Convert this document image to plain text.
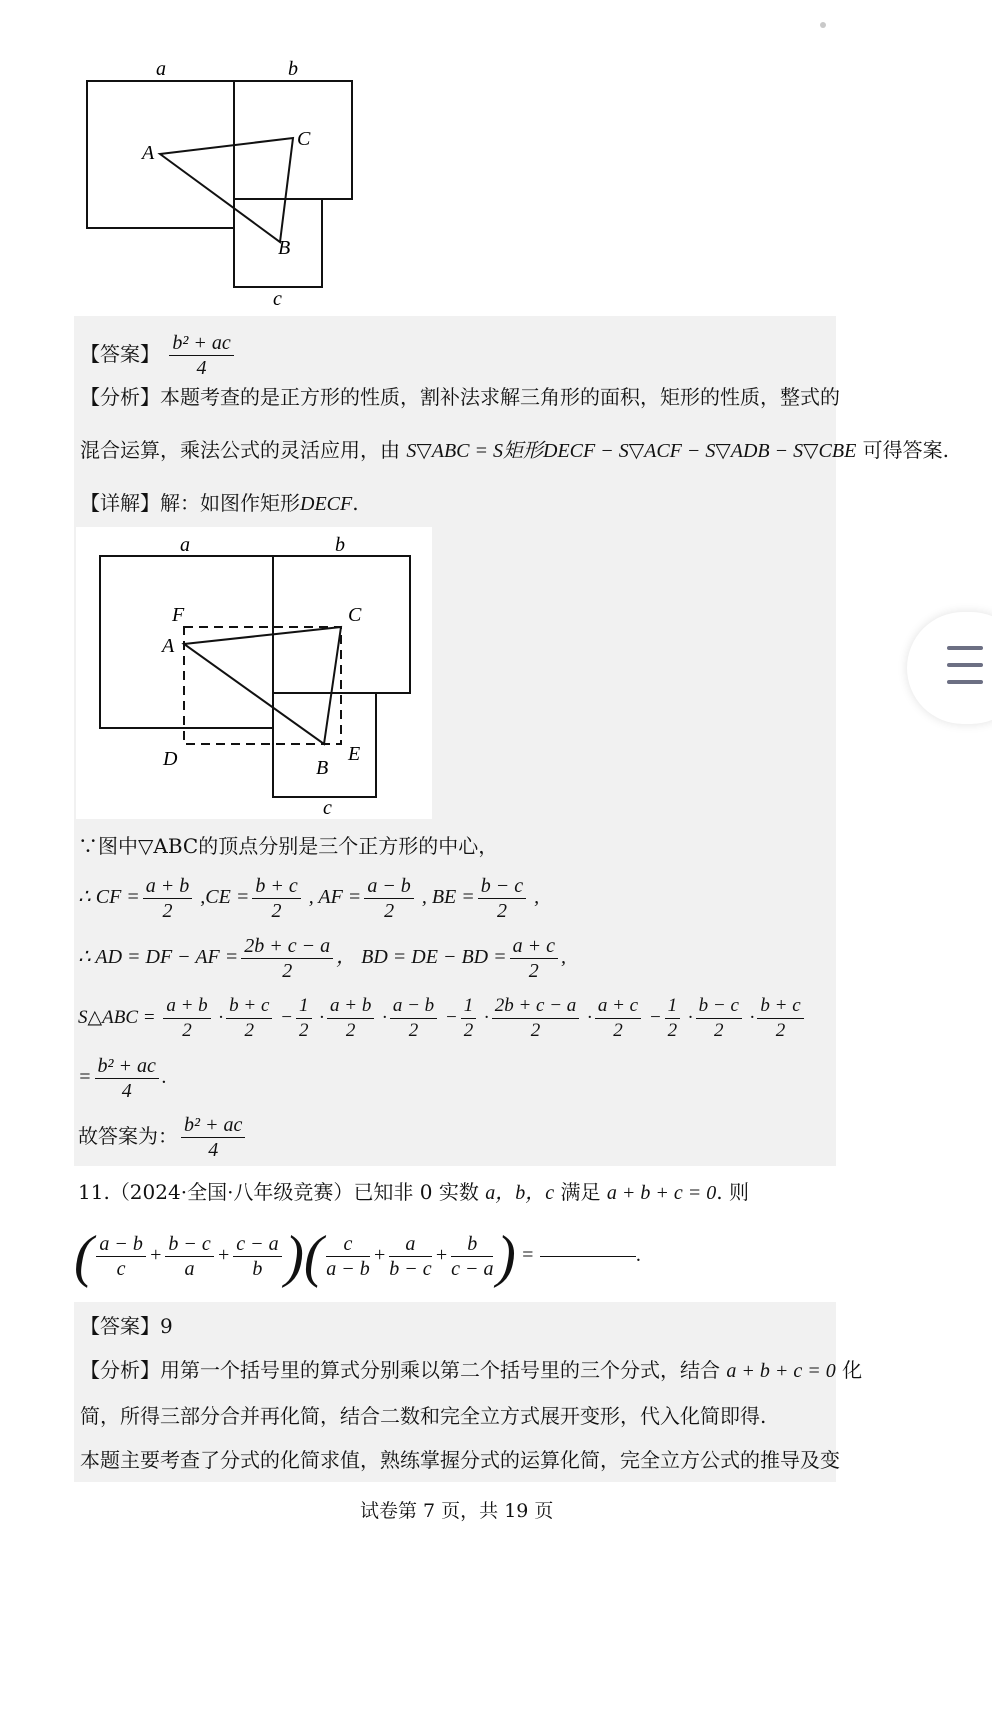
a	b
A
C
B
c
【答案】 $\frac{\text{b² + ac}}{4}$
【分析】本题考查的是正方形的性质，割补法求解三角形的面积，矩形的性质，整式的
混合运算，乘法公式的灵活应用，由 S▽ABC = S矩形DECF − S▽ACF − S▽ADB − S▽CBE 可得答案.
【详解】解：如图作矩形DECF.
a	b
F	C
A
D	B
E
c
∵图中▽ABC的顶点分别是三个正方形的中心，
∴ CF = $\frac{a + b}{2} ,CE = \frac{b + c}{2}$ , AF = $\frac{a - b}{2}$ , BE = $\frac{b - c}{2}$ ,
∴ AD = DF − AF = $\frac{2b + c - a}{2}$ ， BD = DE − BD = $\frac{a + c}{2}$ ,
S△ABC = $\frac{a + b}{2} \cdot \frac{b + c}{2} - \frac{1}{2} \cdot \frac{a + b}{2} \cdot \frac{a - b}{2} - \frac{1}{2} \cdot \frac{2b + c - a}{2} \cdot \frac{a + c}{2} - \frac{1}{2} \cdot \frac{b - c}{2} \cdot \frac{b + c}{2}$
= $\frac{\text{b² + ac}}{4}$ .
故答案为： $\frac{\text{b² + ac}}{4}$
11.（2024·全国·八年级竞赛）已知非 0 实数 a，b，c 满足 a + b + c = 0. 则
( $\frac{a - b}{c} + \frac{b - c}{a} + \frac{c - a}{b}$ )( $\frac{c}{a - b} + \frac{a}{b - c} + \frac{b}{c - a}$ ) =	.
【答案】9
【分析】用第一个括号里的算式分别乘以第二个括号里的三个分式，结合 a + b + c = 0 化
简，所得三部分合并再化简，结合二数和完全立方式展开变形，代入化简即得.
本题主要考查了分式的化简求值，熟练掌握分式的运算化简，完全立方公式的推导及变
试卷第 7 页，共 19 页
